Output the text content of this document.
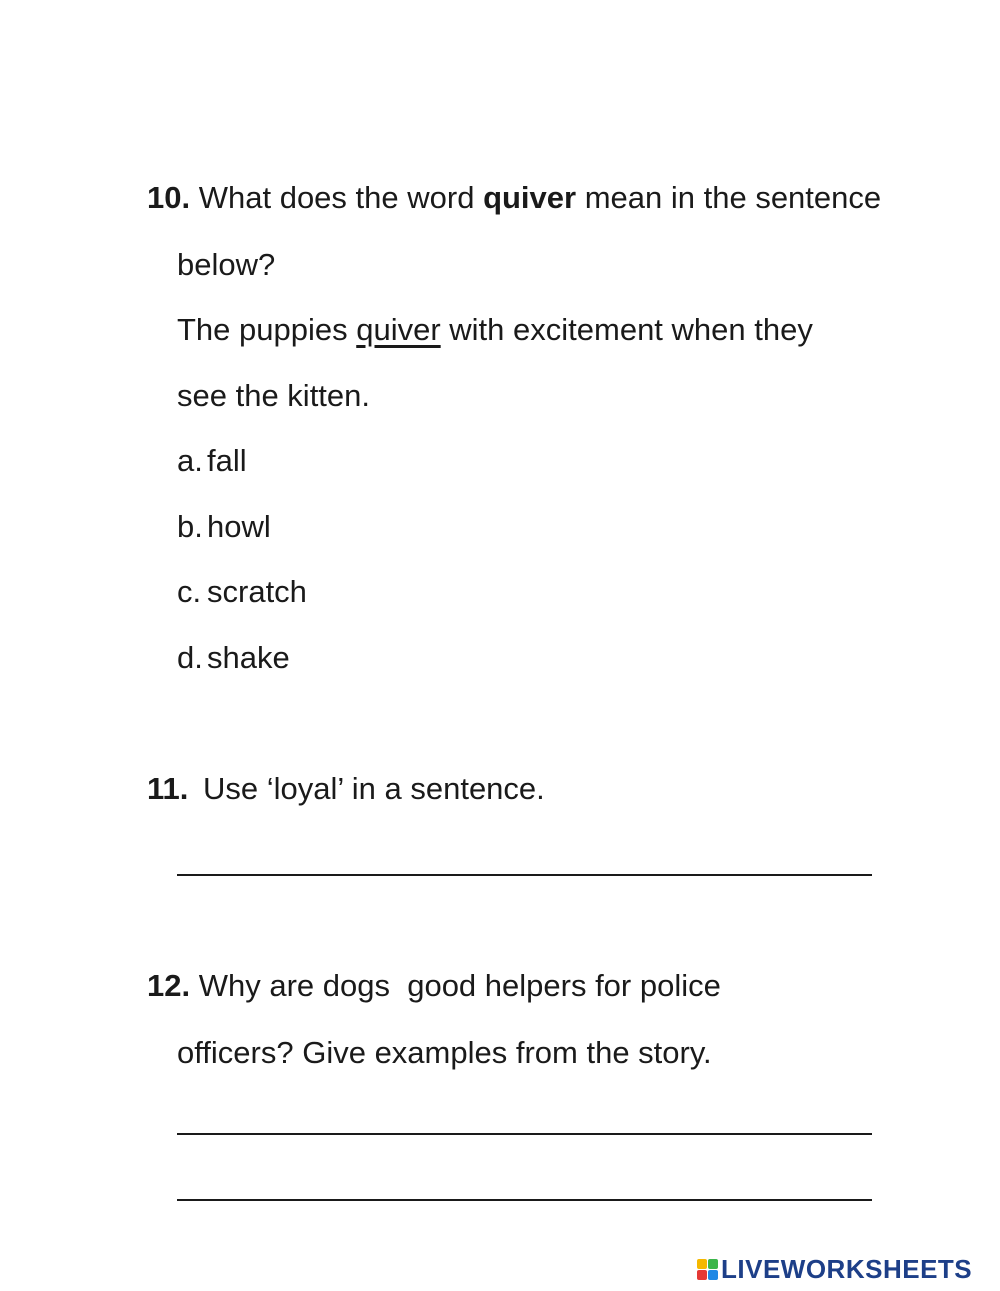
10. What does the word quiver mean in the sentence
below?
The puppies quiver with excitement when they
see the kitten.
a. fall
b. howl
c. scratch
d. shake
11. Use ‘loyal’ in a sentence.
12. Why are dogs  good helpers for police
officers? Give examples from the story.
LIVEWORKSHEETS
